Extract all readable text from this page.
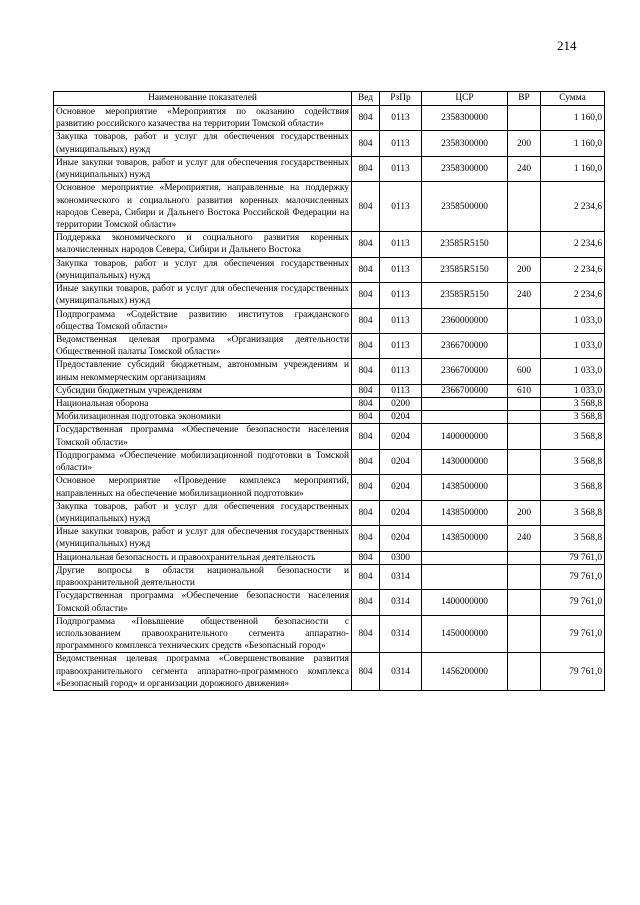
214
Наименование показателей	Вед	РзПр	ЦСР	ВР	Сумма
Основное мероприятие «Мероприятия по оказанию содействия развитию российского казачества на территории Томской области»	804	0113	2358300000		1 160,0
Закупка товаров, работ и услуг для обеспечения государственных (муниципальных) нужд	804	0113	2358300000	200	1 160,0
Иные закупки товаров, работ и услуг для обеспечения государственных (муниципальных) нужд	804	0113	2358300000	240	1 160,0
Основное мероприятие «Мероприятия, направленные на поддержку экономического и социального развития коренных малочисленных народов Севера, Сибири и Дальнего Востока Российской Федерации на территории Томской области»	804	0113	2358500000		2 234,6
Поддержка экономического и социального развития коренных малочисленных народов Севера, Сибири и Дальнего Востока	804	0113	23585R5150		2 234,6
Закупка товаров, работ и услуг для обеспечения государственных (муниципальных) нужд	804	0113	23585R5150	200	2 234,6
Иные закупки товаров, работ и услуг для обеспечения государственных (муниципальных) нужд	804	0113	23585R5150	240	2 234,6
Подпрограмма «Содействие развитию институтов гражданского общества Томской области»	804	0113	2360000000		1 033,0
Ведомственная целевая программа «Организация деятельности Общественной палаты Томской области»	804	0113	2366700000		1 033,0
Предоставление субсидий бюджетным, автономным учреждениям и иным некоммерческим организациям	804	0113	2366700000	600	1 033,0
Субсидии бюджетным учреждениям	804	0113	2366700000	610	1 033,0
Национальная оборона	804	0200			3 568,8
Мобилизационная подготовка экономики	804	0204			3 568,8
Государственная программа «Обеспечение безопасности населения Томской области»	804	0204	1400000000		3 568,8
Подпрограмма «Обеспечение мобилизационной подготовки в Томской области»	804	0204	1430000000		3 568,8
Основное мероприятие «Проведение комплекса мероприятий, направленных на обеспечение мобилизационной подготовки»	804	0204	1438500000		3 568,8
Закупка товаров, работ и услуг для обеспечения государственных (муниципальных) нужд	804	0204	1438500000	200	3 568,8
Иные закупки товаров, работ и услуг для обеспечения государственных (муниципальных) нужд	804	0204	1438500000	240	3 568,8
Национальная безопасность и правоохранительная деятельность	804	0300			79 761,0
Другие вопросы в области национальной безопасности и правоохранительной деятельности	804	0314			79 761,0
Государственная программа «Обеспечение безопасности населения Томской области»	804	0314	1400000000		79 761,0
Подпрограмма «Повышение общественной безопасности с использованием правоохранительного сегмента аппаратно-программного комплекса технических средств «Безопасный город»	804	0314	1450000000		79 761,0
Ведомственная целевая программа «Совершенствование развития правоохранительного сегмента аппаратно-программного комплекса «Безопасный город» и организации дорожного движения»	804	0314	1456200000		79 761,0
